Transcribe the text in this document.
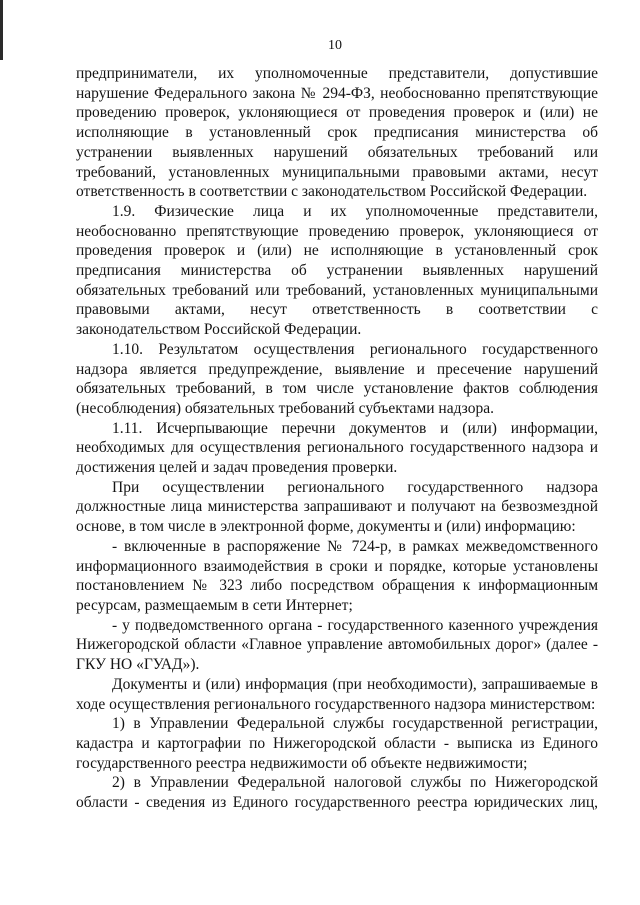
10

предприниматели, их уполномоченные представители, допустившие нарушение Федерального закона № 294-ФЗ, необоснованно препятствующие проведению проверок, уклоняющиеся от проведения проверок и (или) не исполняющие в установленный срок предписания министерства об устранении выявленных нарушений обязательных требований или требований, установленных муниципальными правовыми актами, несут ответственность в соответствии с законодательством Российской Федерации.

1.9. Физические лица и их уполномоченные представители, необоснованно препятствующие проведению проверок, уклоняющиеся от проведения проверок и (или) не исполняющие в установленный срок предписания министерства об устранении выявленных нарушений обязательных требований или требований, установленных муниципальными правовыми актами, несут ответственность в соответствии с законодательством Российской Федерации.

1.10. Результатом осуществления регионального государственного надзора является предупреждение, выявление и пресечение нарушений обязательных требований, в том числе установление фактов соблюдения (несоблюдения) обязательных требований субъектами надзора.

1.11. Исчерпывающие перечни документов и (или) информации, необходимых для осуществления регионального государственного надзора и достижения целей и задач проведения проверки.

При осуществлении регионального государственного надзора должностные лица министерства запрашивают и получают на безвозмездной основе, в том числе в электронной форме, документы и (или) информацию:

- включенные в распоряжение № 724-р, в рамках межведомственного информационного взаимодействия в сроки и порядке, которые установлены постановлением № 323 либо посредством обращения к информационным ресурсам, размещаемым в сети Интернет;

- у подведомственного органа - государственного казенного учреждения Нижегородской области «Главное управление автомобильных дорог» (далее - ГКУ НО «ГУАД»).

Документы и (или) информация (при необходимости), запрашиваемые в ходе осуществления регионального государственного надзора министерством:

1) в Управлении Федеральной службы государственной регистрации, кадастра и картографии по Нижегородской области - выписка из Единого государственного реестра недвижимости об объекте недвижимости;

2) в Управлении Федеральной налоговой службы по Нижегородской области - сведения из Единого государственного реестра юридических лиц,
